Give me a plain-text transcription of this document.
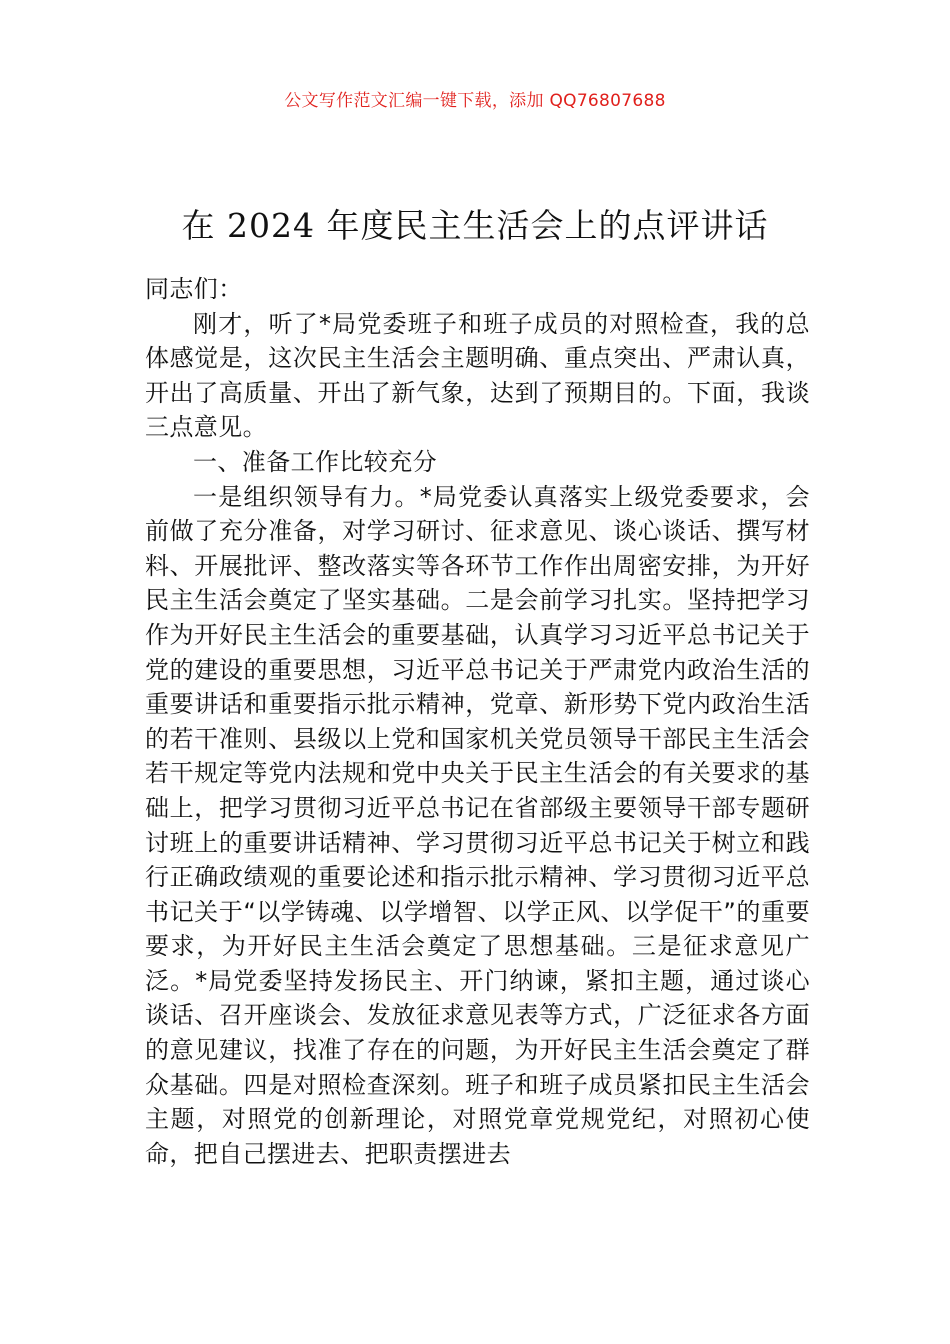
公文写作范文汇编一键下载，添加 QQ76807688
在 2024 年度民主生活会上的点评讲话

同志们：

刚才，听了*局党委班子和班子成员的对照检查，我的总体感觉是，这次民主生活会主题明确、重点突出、严肃认真，开出了高质量、开出了新气象，达到了预期目的。下面，我谈三点意见。

一、准备工作比较充分

一是组织领导有力。*局党委认真落实上级党委要求，会前做了充分准备，对学习研讨、征求意见、谈心谈话、撰写材料、开展批评、整改落实等各环节工作作出周密安排，为开好民主生活会奠定了坚实基础。二是会前学习扎实。坚持把学习作为开好民主生活会的重要基础，认真学习习近平总书记关于党的建设的重要思想，习近平总书记关于严肃党内政治生活的重要讲话和重要指示批示精神，党章、新形势下党内政治生活的若干准则、县级以上党和国家机关党员领导干部民主生活会若干规定等党内法规和党中央关于民主生活会的有关要求的基础上，把学习贯彻习近平总书记在省部级主要领导干部专题研讨班上的重要讲话精神、学习贯彻习近平总书记关于树立和践行正确政绩观的重要论述和指示批示精神、学习贯彻习近平总书记关于“以学铸魂、以学增智、以学正风、以学促干”的重要要求，为开好民主生活会奠定了思想基础。三是征求意见广泛。*局党委坚持发扬民主、开门纳谏，紧扣主题，通过谈心谈话、召开座谈会、发放征求意见表等方式，广泛征求各方面的意见建议，找准了存在的问题，为开好民主生活会奠定了群众基础。四是对照检查深刻。班子和班子成员紧扣民主生活会主题，对照党的创新理论，对照党章党规党纪，对照初心使命，把自己摆进去、把职责摆进去
